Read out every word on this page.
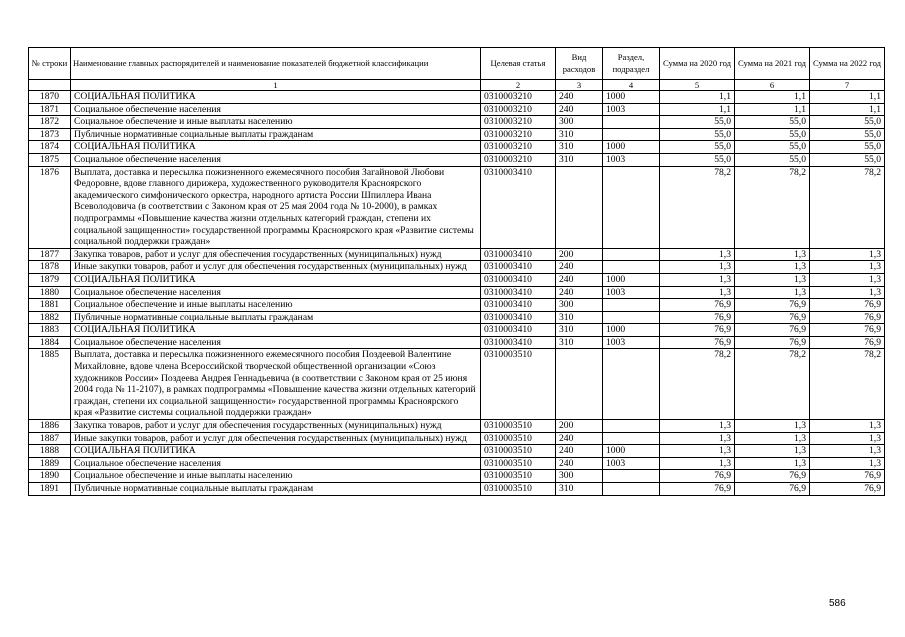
№ строки	Наименование главных распорядителей и наименование показателей бюджетной классификации	Целевая статья	Вид расходов	Раздел, подраздел	Сумма на 2020 год	Сумма на 2021 год	Сумма на 2022 год
	1	2	3	4	5	6	7
1870	СОЦИАЛЬНАЯ ПОЛИТИКА	0310003210	240	1000	1,1	1,1	1,1
1871	Социальное обеспечение населения	0310003210	240	1003	1,1	1,1	1,1
1872	Социальное обеспечение и иные выплаты населению	0310003210	300		55,0	55,0	55,0
1873	Публичные нормативные социальные выплаты гражданам	0310003210	310		55,0	55,0	55,0
1874	СОЦИАЛЬНАЯ ПОЛИТИКА	0310003210	310	1000	55,0	55,0	55,0
1875	Социальное обеспечение населения	0310003210	310	1003	55,0	55,0	55,0
1876	Выплата, доставка и пересылка пожизненного ежемесячного пособия Загайновой Любови Федоровне, вдове главного дирижера, художественного руководителя Красноярского академического симфонического оркестра, народного артиста России Шпиллера Ивана Всеволодовича (в соответствии с Законом края от 25 мая 2004 года № 10-2000), в рамках подпрограммы «Повышение качества жизни отдельных категорий граждан, степени их социальной защищенности» государственной программы Красноярского края «Развитие системы социальной поддержки граждан»	0310003410			78,2	78,2	78,2
1877	Закупка товаров, работ и услуг для обеспечения государственных (муниципальных) нужд	0310003410	200		1,3	1,3	1,3
1878	Иные закупки товаров, работ и услуг для обеспечения государственных (муниципальных) нужд	0310003410	240		1,3	1,3	1,3
1879	СОЦИАЛЬНАЯ ПОЛИТИКА	0310003410	240	1000	1,3	1,3	1,3
1880	Социальное обеспечение населения	0310003410	240	1003	1,3	1,3	1,3
1881	Социальное обеспечение и иные выплаты населению	0310003410	300		76,9	76,9	76,9
1882	Публичные нормативные социальные выплаты гражданам	0310003410	310		76,9	76,9	76,9
1883	СОЦИАЛЬНАЯ ПОЛИТИКА	0310003410	310	1000	76,9	76,9	76,9
1884	Социальное обеспечение населения	0310003410	310	1003	76,9	76,9	76,9
1885	Выплата, доставка и пересылка пожизненного ежемесячного пособия Поздеевой Валентине Михайловне, вдове члена Всероссийской творческой общественной организации «Союз художников России» Поздеева Андрея Геннадьевича (в соответствии с Законом края от 25 июня 2004 года № 11-2107), в рамках подпрограммы «Повышение качества жизни отдельных категорий граждан, степени их социальной защищенности» государственной программы Красноярского края «Развитие системы социальной поддержки граждан»	0310003510			78,2	78,2	78,2
1886	Закупка товаров, работ и услуг для обеспечения государственных (муниципальных) нужд	0310003510	200		1,3	1,3	1,3
1887	Иные закупки товаров, работ и услуг для обеспечения государственных (муниципальных) нужд	0310003510	240		1,3	1,3	1,3
1888	СОЦИАЛЬНАЯ ПОЛИТИКА	0310003510	240	1000	1,3	1,3	1,3
1889	Социальное обеспечение населения	0310003510	240	1003	1,3	1,3	1,3
1890	Социальное обеспечение и иные выплаты населению	0310003510	300		76,9	76,9	76,9
1891	Публичные нормативные социальные выплаты гражданам	0310003510	310		76,9	76,9	76,9
586
